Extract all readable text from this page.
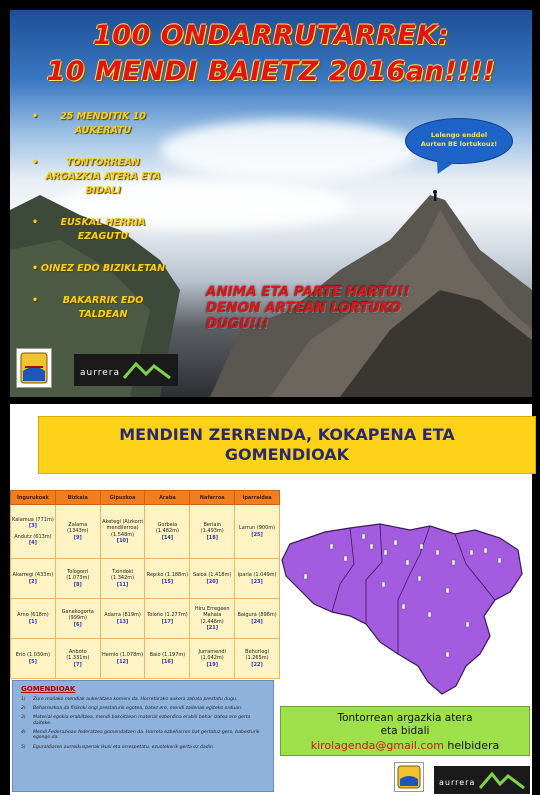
100 ONDARRUTARREK:
10 MENDI BAIETZ 2016an!!!!
• 25 MENDITIK 10 AUKERATU
• TONTORREAN ARGAZKIA ATERA ETA BIDALI
• EUSKAL HERRIA EZAGUTU
• OINEZ EDO BIZIKLETAN
• BAKARRIK EDO TALDEAN
Lelengo enddel
Aurten BE lortukouz!
ANIMA ETA PARTE HARTU!!
DENON ARTEAN LORTUKO
DUGU!!!
aurrera
MENDIEN ZERRENDA, KOKAPENA ETA
GOMENDIOAK
Ingurukoak	Bizkaia	Gipuzkoa	Araba	Nafarroa	Iparraldea

Kalamua (771m)
[3]
Andutz (613m)
[4]	Zalama (1343m)
[9]	Aketegi (Aizkorri mendilerroa) (1.548m)
[10]	Gorbeia (1.482m)
[14]	Beriain (1.493m)
[18]	Larrun (900m)
[25]

Akarregi (433m)
[2]	Tologorri (1.073m)
[8]	Txindoki (1.342m)
[11]	Repiko (1.188m)
[15]	Saioa (1.418m)
[20]	Iparla (1.049m)
[23]

Arno (618m)
[1]	Ganekogorta (999m)
[6]	Adarra (819m)
[13]	Toloño (1.277m)
[17]	Hiru Erregeen Mahaia (2.446m)
[21]	Baigura (896m)
[24]

Erlo (1.030m)
[5]	Anboto (1.331m)
[7]	Hernio (1.078m)
[12]	Baio (1.197m)
[16]	Jurramendi (1.042m)
[19]	Behorlegi (1.265m)
[22]
GOMENDIOAK
1)	Zure mailako mendiak aukeratzea komeni da. Horretarako aukera zabala prestatu dugu.
2)	Beharrezkoa da fisikoki ongi prestaturik egotea, batez ere, mendi zailenak egiteko orduan.
3)	Material egokia erabiltzea, mendi bakoitzean material ezberdina erabili behar izatea ere gerta daiteke.
4)	Mendi Federazioan federatzea gomendatzen da. Horrela ezbeharren bat gertatuz gero, babesturik egongo da.
5)	Eguraldiaren aurreikuspenak ikusi eta errespetatu, ezustekorik gerta ez dadin.
Tontorrean argazkia atera
eta bidali
kirolagenda@gmail.com helbidera
aurrera
